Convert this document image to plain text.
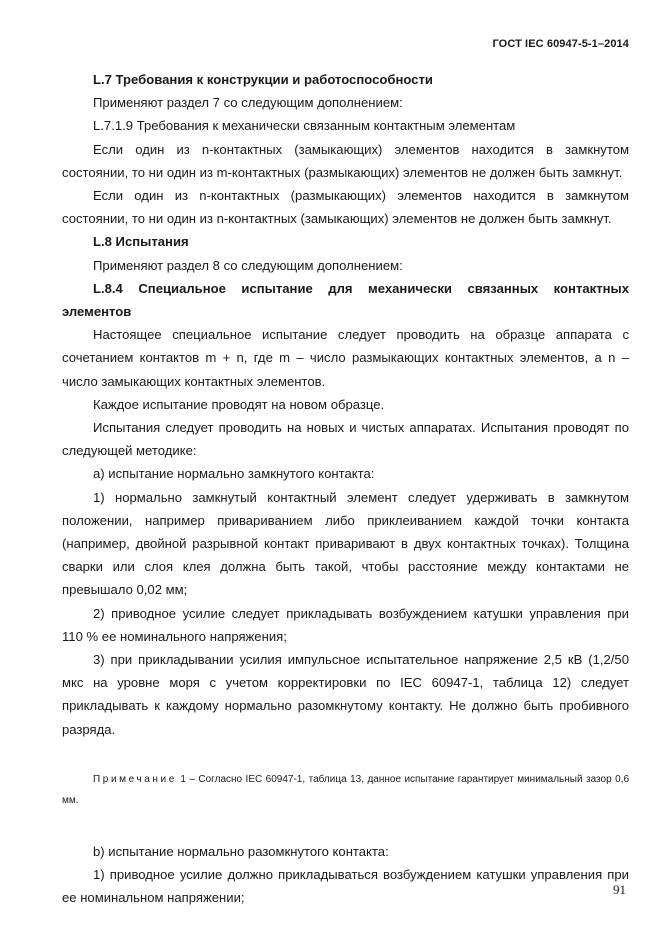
ГОСТ IEC 60947-5-1–2014

L.7 Требования к конструкции и работоспособности

Применяют раздел 7 со следующим дополнением:

L.7.1.9 Требования к механически связанным контактным элементам

Если один из n-контактных (замыкающих) элементов находится в замкнутом состоянии, то ни один из m-контактных (размыкающих) элементов не должен быть замкнут.

Если один из n-контактных (размыкающих) элементов находится в замкнутом состоянии, то ни один из n-контактных (замыкающих) элементов не должен быть замкнут.

L.8 Испытания

Применяют раздел 8 со следующим дополнением:

L.8.4 Специальное испытание для механически связанных контактных элементов

Настоящее специальное испытание следует проводить на образце аппарата с сочетанием контактов m + n, где m – число размыкающих контактных элементов, а n – число замыкающих контактных элементов.

Каждое испытание проводят на новом образце.

Испытания следует проводить на новых и чистых аппаратах. Испытания проводят по следующей методике:

a) испытание нормально замкнутого контакта:

1) нормально замкнутый контактный элемент следует удерживать в замкнутом положении, например привариванием либо приклеиванием каждой точки контакта (например, двойной разрывной контакт приваривают в двух контактных точках). Толщина сварки или слоя клея должна быть такой, чтобы расстояние между контактами не превышало 0,02 мм;

2) приводное усилие следует прикладывать возбуждением катушки управления при 110 % ее номинального напряжения;

3) при прикладывании усилия импульсное испытательное напряжение 2,5 кВ (1,2/50 мкс на уровне моря с учетом корректировки по IEC 60947-1, таблица 12) следует прикладывать к каждому нормально разомкнутому контакту. Не должно быть пробивного разряда.

Примечание 1 – Согласно IEC 60947-1, таблица 13, данное испытание гарантирует минимальный зазор 0,6 мм.

b) испытание нормально разомкнутого контакта:

1) приводное усилие должно прикладываться возбуждением катушки управления при ее номинальном напряжении;

91
